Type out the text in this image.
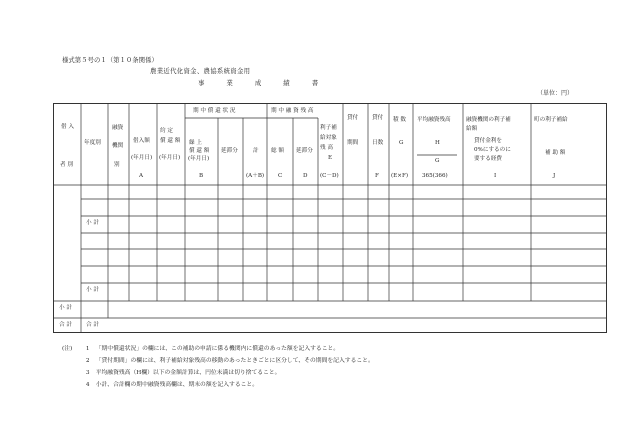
様式第５号の１（第１０条関係）
農業近代化資金、農協系統資金用
事 業 成 績 書
（単位：円）
借 入
者 別
年度別
融資
機関
別
借入額
(年月日)
A
約 定
償 還 額
(年月日)
期 中 償 還 状 況
繰 上
償 還 額
(年月日)
B
延滞分	計
(A＋B)
期 中 融 資 残 高
総 額
C
延滞分
D
利子補
給対象
残 高
E
(C－D)
貸付
期間
貸付
日数
F
積 数
G
(E×F)
平均融資残高
H
G
365(366)
融資機関の利子補
給額
貸付金利を
0%にするのに
要する経費
I
町の利子補給
補 助 額
J
小 計
小 計
小 計
合 計	合 計
(注) 1 「期中償還状況」の欄には、この補助の申請に係る機関内に償還のあった額を記入すること。
2 「貸付期間」の欄には、利子補給対象残高の移動のあったときごとに区分して、その期間を記入すること。
3 平均融資残高（H欄）以下の金額計算は、円位未満は切り捨てること。
4 小計、合計欄の期中融資残高欄は、期末の額を記入すること。
